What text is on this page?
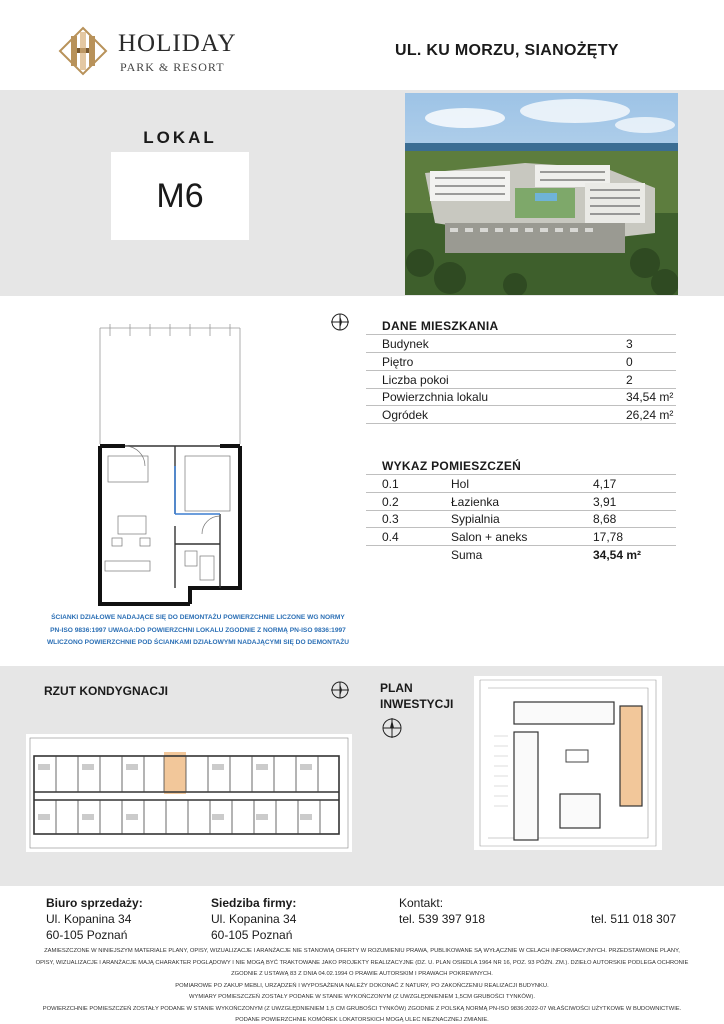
HOLIDAY
PARK & RESORT
UL. KU MORZU, SIANOŻĘTY
LOKAL
M6
DANE MIESZKANIA
Budynek	3
Piętro	0
Liczba pokoi	2
Powierzchnia lokalu	34,54 m²
Ogródek	26,24 m²
WYKAZ POMIESZCZEŃ
0.1	Hol	4,17
0.2	Łazienka	3,91
0.3	Sypialnia	8,68
0.4	Salon + aneks	17,78
Suma	34,54 m²
ŚCIANKI DZIAŁOWE NADAJĄCE SIĘ DO DEMONTAŻU POWIERZCHNIE LICZONE WG NORMY
PN-ISO 9836:1997 UWAGA:DO POWIERZCHNI LOKALU ZGODNIE Z NORMĄ PN-ISO 9836:1997
WLICZONO POWIERZCHNIE POD ŚCIANKAMI DZIAŁOWYMI NADAJĄCYMI SIĘ DO DEMONTAŻU
RZUT KONDYGNACJI	PLAN
INWESTYCJI
Biuro sprzedaży:
Ul. Kopanina 34
60-105 Poznań
Siedziba firmy:
Ul. Kopanina 34
60-105 Poznań
Kontakt:
tel. 539 397 918	tel. 511 018 307
ZAMIESZCZONE W NINIEJSZYM MATERIALE PLANY, OPISY, WIZUALIZACJE I ARANŻACJE NIE STANOWIĄ OFERTY W ROZUMIENIU PRAWA, PUBLIKOWANE SĄ WYŁĄCZNIE W CELACH INFORMACYJNYCH. PRZEDSTAWIONE PLANY,
OPISY, WIZUALIZACJE I ARANŻACJE MAJĄ CHARAKTER POGLĄDOWY I NIE MOGĄ BYĆ TRAKTOWANE JAKO PROJEKTY REALIZACYJNE (DZ. U. PLAN OSIEDLA 1964 NR 16, POZ. 93 PÓŹN. ZM.). DZIEŁO AUTORSKIE PODLEGA OCHRONIE
ZGODNIE Z USTAWĄ 83 Z DNIA 04.02.1994 O PRAWIE AUTORSKIM I PRAWACH POKREWNYCH.
POMIAROWE PO ZAKUP MEBLI, URZĄDZEŃ I WYPOSAŻENIA NALEŻY DOKONAĆ Z NATURY, PO ZAKOŃCZENIU REALIZACJI BUDYNKU.
WYMIARY POMIESZCZEŃ ZOSTAŁY PODANE W STANIE WYKOŃCZONYM (Z UWZGLĘDNIENIEM 1,5CM GRUBOŚCI TYNKÓW).
POWIERZCHNIE POMIESZCZEŃ ZOSTAŁY PODANE W STANIE WYKOŃCZONYM (Z UWZGLĘDNIENIEM 1,5 CM GRUBOŚCI TYNKÓW) ZGODNIE Z POLSKĄ NORMĄ PN-ISO 9836:2022-07 WŁAŚCIWOŚCI UŻYTKOWE W BUDOWNICTWIE.
PODANE POWIERZCHNIE KOMÓREK LOKATORSKICH MOGĄ ULEC NIEZNACZNEJ ZMIANIE.
